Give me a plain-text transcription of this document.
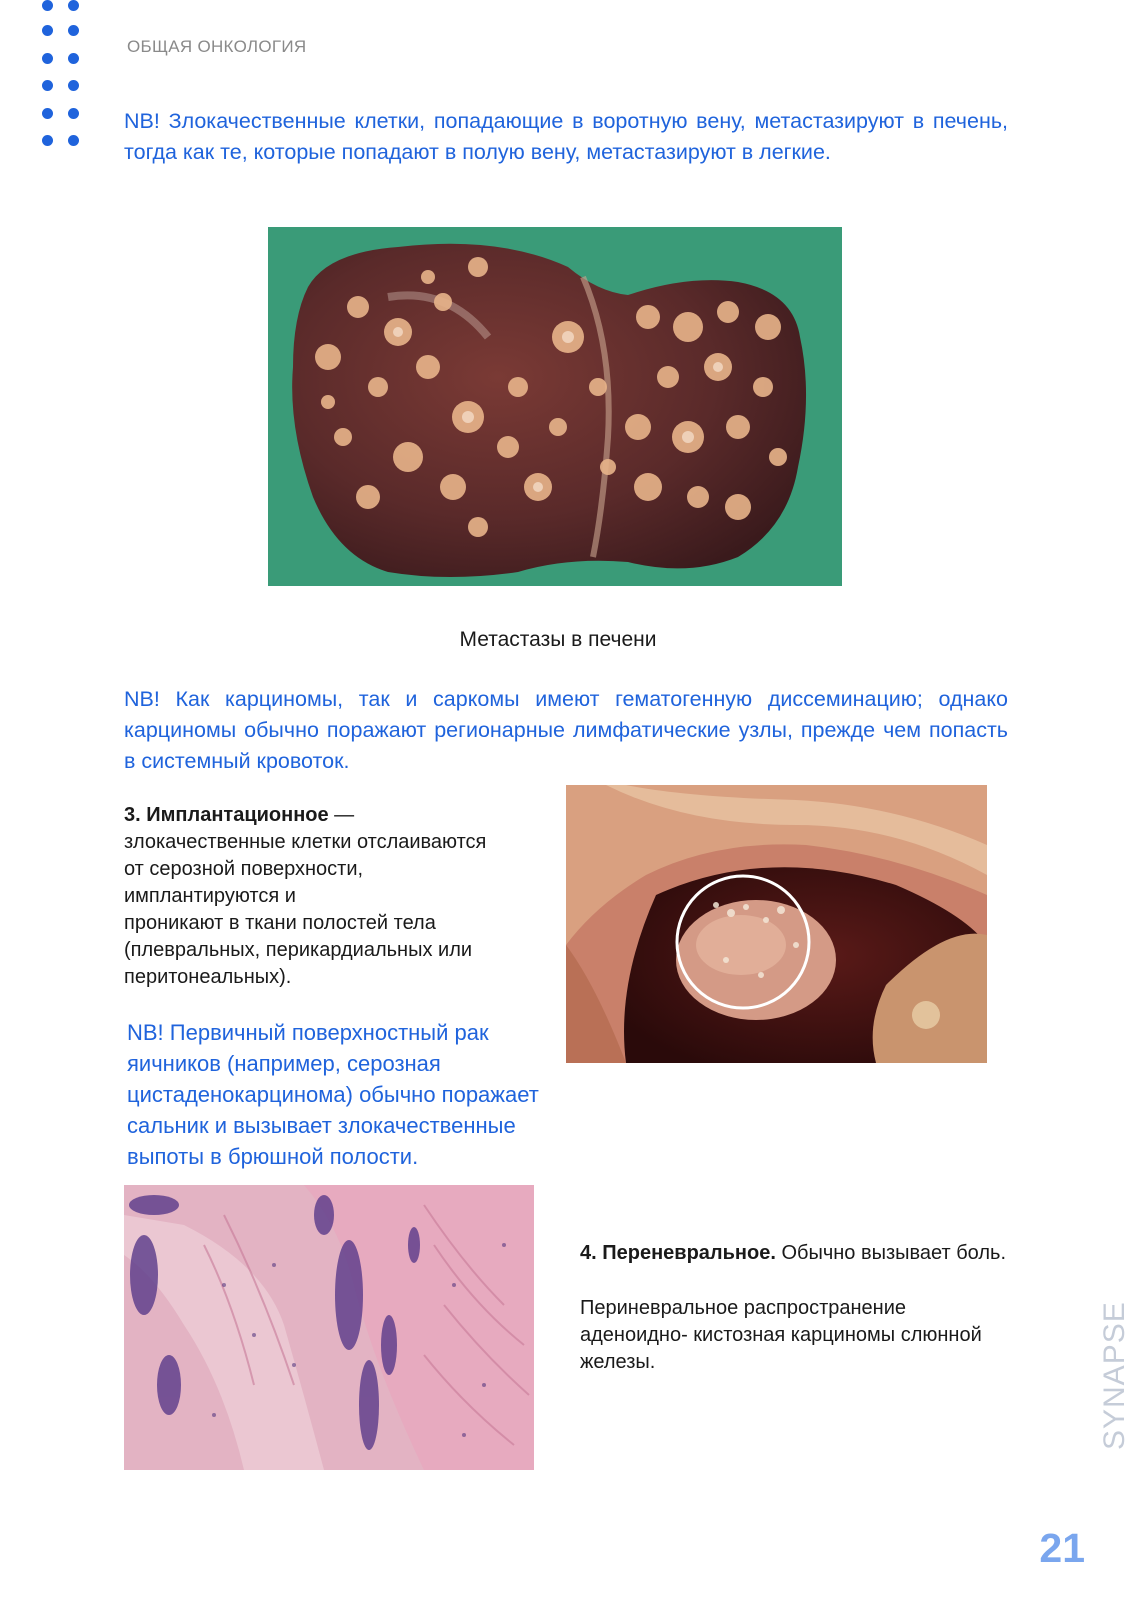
ОБЩАЯ ОНКОЛОГИЯ

NB! Злокачественные клетки, попадающие в воротную вену, метастазируют в печень, тогда как те, которые попадают в полую вену, метастазируют в легкие.

Метастазы в печени

NB! Как карциномы, так и саркомы имеют гематогенную диссеминацию; однако карциномы обычно поражают регионарные лимфатические узлы, прежде чем попасть в системный кровоток.

3. Имплантационное —
злокачественные клетки отслаиваются
от серозной поверхности,
имплантируются и
проникают в ткани полостей тела
(плевральных, перикардиальных или
перитонеальных).

NB! Первичный поверхностный рак яичников (например, серозная цистаденокарцинома) обычно поражает сальник и вызывает злокачественные выпоты в брюшной полости.

4. Переневральное. Обычно вызывает боль.

Периневральное распространение аденоидно- кистозная карциномы слюнной железы.	SYNAPSE
21
